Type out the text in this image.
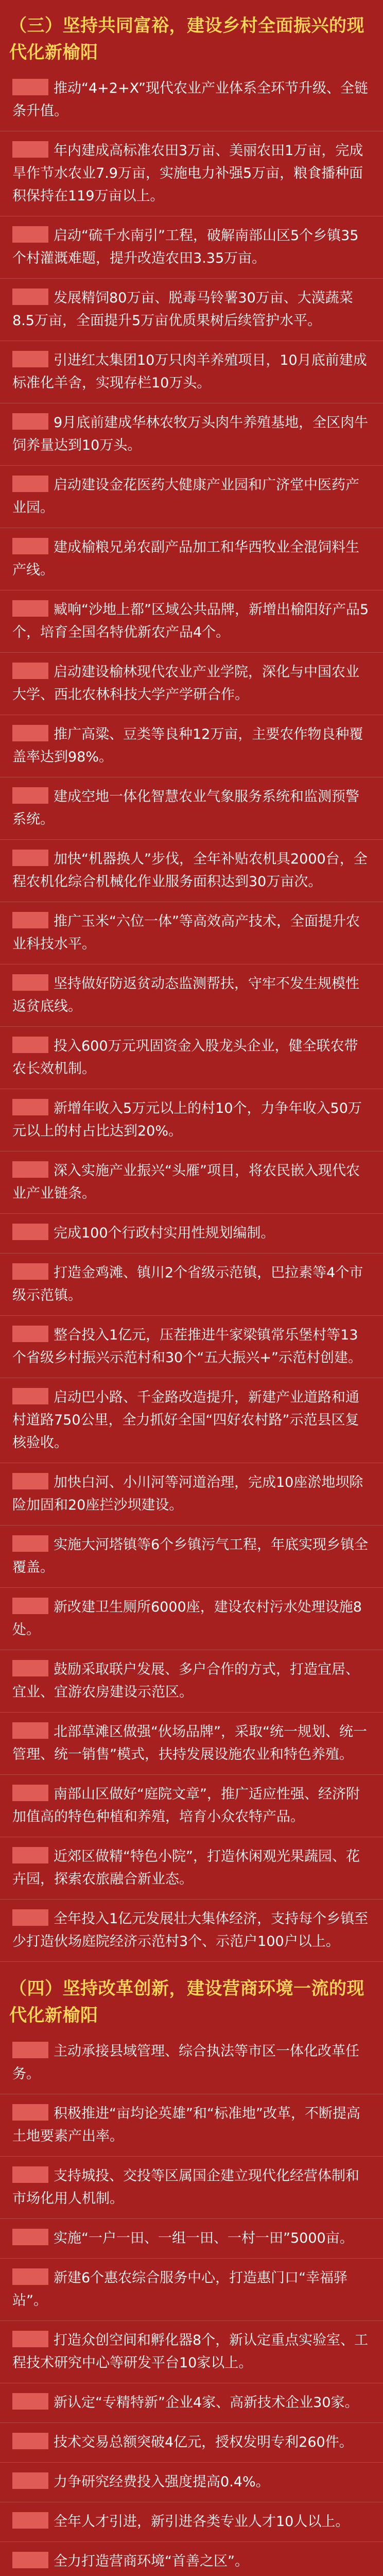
（三）坚持共同富裕，建设乡村全面振兴的现代化新榆阳
推动“4+2+X”现代农业产业体系全环节升级、全链条升值。
年内建成高标准农田3万亩、美丽农田1万亩，完成旱作节水农业7.9万亩，实施电力补强5万亩，粮食播种面积保持在119万亩以上。
启动“硫千水南引”工程，破解南部山区5个乡镇35个村灌溉难题，提升改造农田3.35万亩。
发展精饲80万亩、脱毒马铃薯30万亩、大漠蔬菜8.5万亩，全面提升5万亩优质果树后续管护水平。
引进红太集团10万只肉羊养殖项目，10月底前建成标准化羊舍，实现存栏10万头。
9月底前建成华林农牧万头肉牛养殖基地，全区肉牛饲养量达到10万头。
启动建设金花医药大健康产业园和广济堂中医药产业园。
建成榆粮兄弟农副产品加工和华西牧业全混饲料生产线。
臧响“沙地上都”区域公共品牌，新增出榆阳好产品5个，培育全国名特优新农产品4个。
启动建设榆林现代农业产业学院，深化与中国农业大学、西北农林科技大学产学研合作。
推广高粱、豆类等良种12万亩，主要农作物良种覆盖率达到98%。
建成空地一体化智慧农业气象服务系统和监测预警系统。
加快“机器换人”步伐，全年补贴农机具2000台，全程农机化综合机械化作业服务面积达到30万亩次。
推广玉米“六位一体”等高效高产技术，全面提升农业科技水平。
坚持做好防返贫动态监测帮扶，守牢不发生规模性返贫底线。
投入600万元巩固资金入股龙头企业，健全联农带农长效机制。
新增年收入5万元以上的村10个，力争年收入50万元以上的村占比达到20%。
深入实施产业振兴“头雁”项目，将农民嵌入现代农业产业链条。
完成100个行政村实用性规划编制。
打造金鸡滩、镇川2个省级示范镇，巴拉素等4个市级示范镇。
整合投入1亿元，压茬推进牛家梁镇常乐堡村等13个省级乡村振兴示范村和30个“五大振兴+”示范村创建。
启动巴小路、千金路改造提升，新建产业道路和通村道路750公里，全力抓好全国“四好农村路”示范县区复核验收。
加快白河、小川河等河道治理，完成10座淤地坝除险加固和20座拦沙坝建设。
实施大河塔镇等6个乡镇污气工程，年底实现乡镇全覆盖。
新改建卫生厕所6000座，建设农村污水处理设施8处。
鼓励采取联户发展、多户合作的方式，打造宜居、宜业、宜游农房建设示范区。
北部草滩区做强“伙场品牌”，采取“统一规划、统一管理、统一销售”模式，扶持发展设施农业和特色养殖。
南部山区做好“庭院文章”，推广适应性强、经济附加值高的特色种植和养殖，培育小众农特产品。
近郊区做精“特色小院”，打造休闲观光果蔬园、花卉园，探索农旅融合新业态。
全年投入1亿元发展壮大集体经济，支持每个乡镇至少打造伙场庭院经济示范村3个、示范户100户以上。
（四）坚持改革创新，建设营商环境一流的现代化新榆阳
主动承接县域管理、综合执法等市区一体化改革任务。
积极推进“亩均论英雄”和“标准地”改革，不断提高土地要素产出率。
支持城投、交投等区属国企建立现代化经营体制和市场化用人机制。
实施“一户一田、一组一田、一村一田”5000亩。
新建6个惠农综合服务中心，打造惠门口“幸福驿站”。
打造众创空间和孵化器8个，新认定重点实验室、工程技术研究中心等研发平台10家以上。
新认定“专精特新”企业4家、高新技术企业30家。
技术交易总额突破4亿元，授权发明专利260件。
力争研究经费投入强度提高0.4%。
全年人才引进，新引进各类专业人才10人以上。
全力打造营商环境“首善之区”。
